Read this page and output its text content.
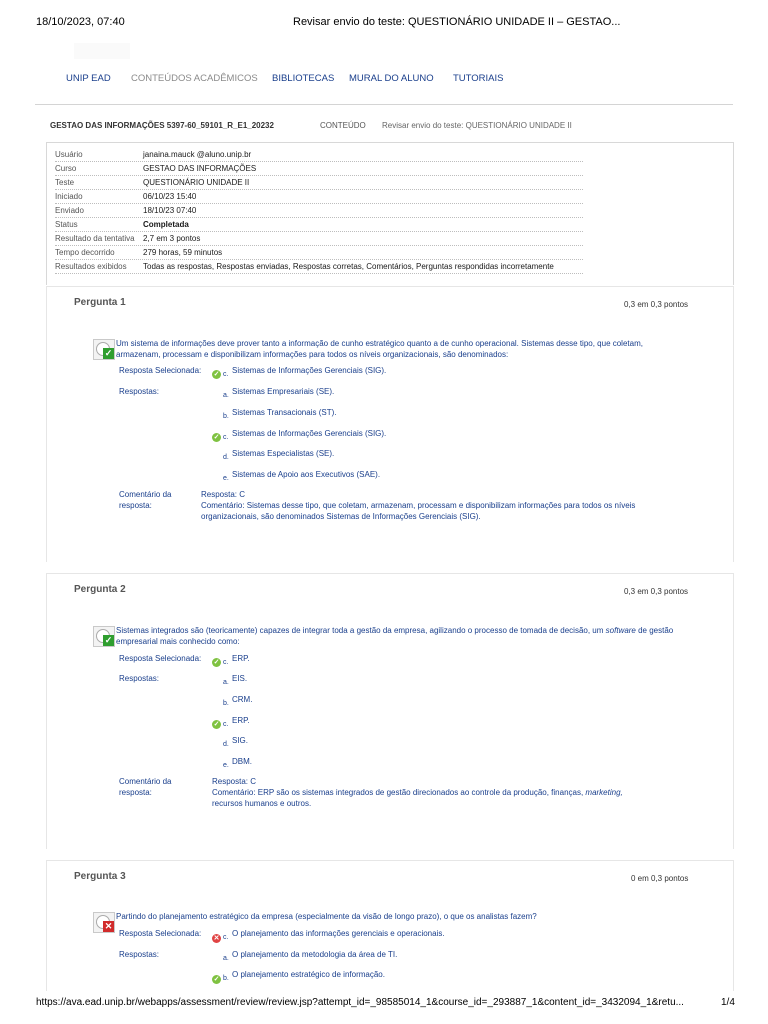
18/10/2023, 07:40	Revisar envio do teste: QUESTIONÁRIO UNIDADE II – GESTAO...
UNIP EAD CONTEÚDOS ACADÊMICOS BIBLIOTECAS MURAL DO ALUNO TUTORIAIS
GESTAO DAS INFORMAÇÕES 5397-60_59101_R_E1_20232	CONTEÚDO Revisar envio do teste: QUESTIONÁRIO UNIDADE II
Usuário	janaina.mauck @aluno.unip.br
Curso	GESTAO DAS INFORMAÇÕES
Teste	QUESTIONÁRIO UNIDADE II
Iniciado	06/10/23 15:40
Enviado	18/10/23 07:40
Status	Completada
Resultado da tentativa 2,7 em 3 pontos
Tempo decorrido	279 horas, 59 minutos
Resultados exibidos Todas as respostas, Respostas enviadas, Respostas corretas, Comentários, Perguntas respondidas incorretamente
Pergunta 1	0,3 em 0,3 pontos
✓
Um sistema de informações deve prover tanto a informação de cunho estratégico quanto a de cunho operacional. Sistemas desse tipo, que coletam, armazenam, processam e disponibilizam informações para todos os níveis organizacionais, são denominados:
Resposta Selecionada: ✓ c. Sistemas de Informações Gerenciais (SIG).
Respostas:	a. Sistemas Empresariais (SE).
b. Sistemas Transacionais (ST).
✓ c. Sistemas de Informações Gerenciais (SIG).
d. Sistemas Especialistas (SE).
e. Sistemas de Apoio aos Executivos (SAE).
Comentário da
resposta:
Resposta: C
Comentário: Sistemas desse tipo, que coletam, armazenam, processam e disponibilizam informações para todos os níveis organizacionais, são denominados Sistemas de Informações Gerenciais (SIG).
Pergunta 2	0,3 em 0,3 pontos
✓
Sistemas integrados são (teoricamente) capazes de integrar toda a gestão da empresa, agilizando o processo de tomada de decisão, um software de gestão empresarial mais conhecido como:
Resposta Selecionada: ✓ c. ERP.
Respostas:	a. EIS.
b. CRM.
✓ c. ERP.
d. SIG.
e. DBM.
Comentário da
resposta:
Resposta: C
Comentário: ERP são os sistemas integrados de gestão direcionados ao controle da produção, finanças, marketing,
recursos humanos e outros.
Pergunta 3	0 em 0,3 pontos
✕
Partindo do planejamento estratégico da empresa (especialmente da visão de longo prazo), o que os analistas fazem?
Resposta Selecionada:
✕ c. O planejamento das informações gerenciais e operacionais.
Respostas:	a. O planejamento da metodologia da área de TI.
✓ b. O planejamento estratégico de informação.
https://ava.ead.unip.br/webapps/assessment/review/review.jsp?attempt_id=_98585014_1&course_id=_293887_1&content_id=_3432094_1&retu...	1/4
